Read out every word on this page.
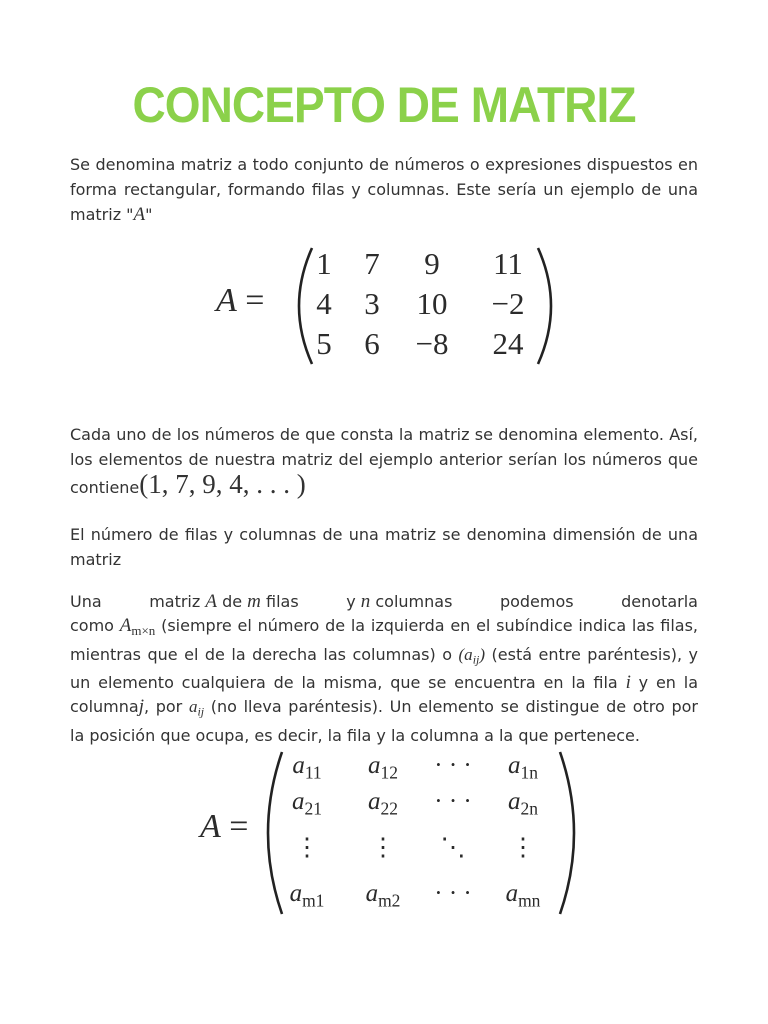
CONCEPTO DE MATRIZ
Se denomina matriz a todo conjunto de números o expresiones dispuestos en forma rectangular, formando filas y columnas. Este sería un ejemplo de una matriz "A"
A =
1	7	9	11
4	3	10	−2
5	6	−8	24
Cada uno de los números de que consta la matriz se denomina elemento. Así, los elementos de nuestra matriz del ejemplo anterior serían los números que contiene(1, 7, 9, 4, . . . )
El número de filas y columnas de una matriz se denomina dimensión de una matriz
Una	matriz A de m filas	y n columnas	podemos	denotarla
como $A_{m\times n}$ (siempre el número de la izquierda en el subíndice indica las filas, mientras que el de la derecha las columnas) o $(a_{ij})$ (está entre paréntesis), y un elemento cualquiera de la misma, que se encuentra en la fila i y en la columnaj, por $a_{ij}$ (no lleva paréntesis). Un elemento se distingue de otro por la posición que ocupa, es decir, la fila y la columna a la que pertenece.
A =
$a_{11}$	$a_{12}$	· · ·	$a_{1n}$
$a_{21}$	$a_{22}$	· · ·	$a_{2n}$
⋮	⋮	⋱	⋮
$a_{m1}$	$a_{m2}$	· · ·	$a_{mn}$
